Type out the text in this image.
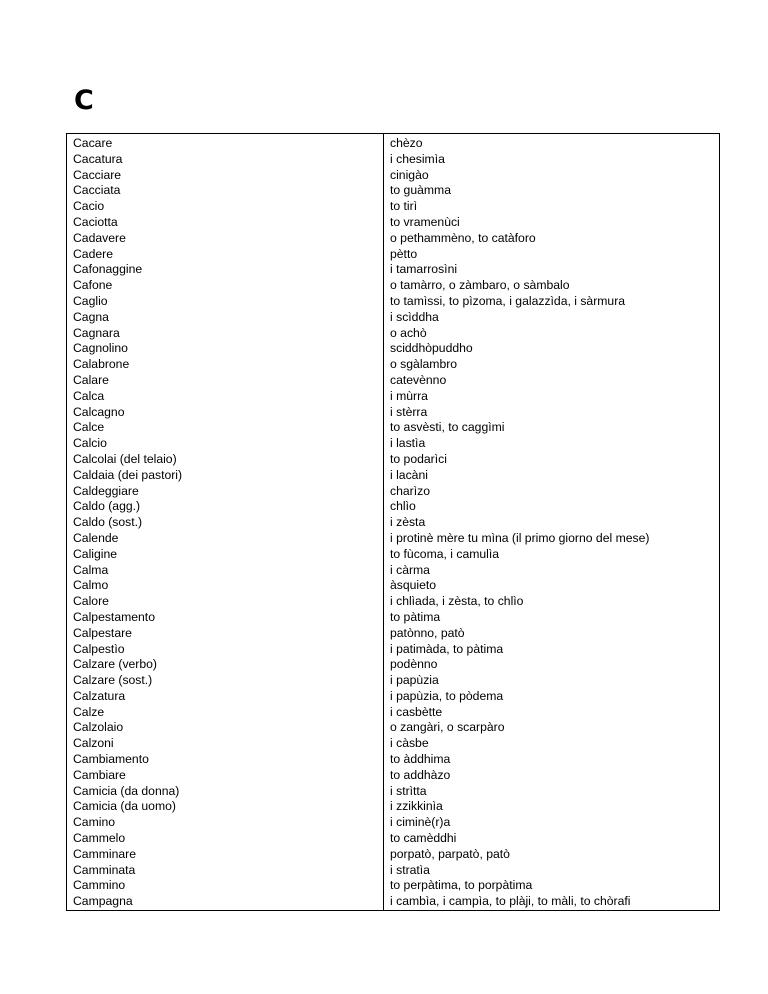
C
Cacare	chèzo
Cacatura	i chesimìa
Cacciare	cinigào
Cacciata	to guàmma
Cacio	to tirì
Caciotta	to vramenùci
Cadavere	o pethammèno, to catàforo
Cadere	pètto
Cafonaggine	i tamarrosìni
Cafone	o tamàrro, o zàmbaro, o sàmbalo
Caglio	to tamìssi, to pìzoma, i galazzìda, i sàrmura
Cagna	i scìddha
Cagnara	o achò
Cagnolino	sciddhòpuddho
Calabrone	o sgàlambro
Calare	catevènno
Calca	i mùrra
Calcagno	i stèrra
Calce	to asvèsti, to caggìmi
Calcio	i lastìa
Calcolai (del telaio)	to podarìci
Caldaia (dei pastori)	i lacàni
Caldeggiare	charìzo
Caldo (agg.)	chlìo
Caldo (sost.)	i zèsta
Calende	i protinè mère tu mìna (il primo giorno del mese)
Caligine	to fùcoma, i camulìa
Calma	i càrma
Calmo	àsquieto
Calore	i chlìada, i zèsta, to chlìo
Calpestamento	to pàtima
Calpestare	patònno, patò
Calpestìo	i patimàda, to pàtima
Calzare (verbo)	podènno
Calzare (sost.)	i papùzia
Calzatura	i papùzia, to pòdema
Calze	i casbètte
Calzolaio	o zangàri, o scarpàro
Calzoni	i càsbe
Cambiamento	to àddhima
Cambiare	to addhàzo
Camicia (da donna)	i strìtta
Camicia (da uomo)	i zzikkinìa
Camino	i ciminè(r)a
Cammelo	to camèddhi
Camminare	porpatò, parpatò, patò
Camminata	i stratìa
Cammino	to perpàtima, to porpàtima
Campagna	i cambìa, i campìa, to plàji, to màli, to chòrafi
